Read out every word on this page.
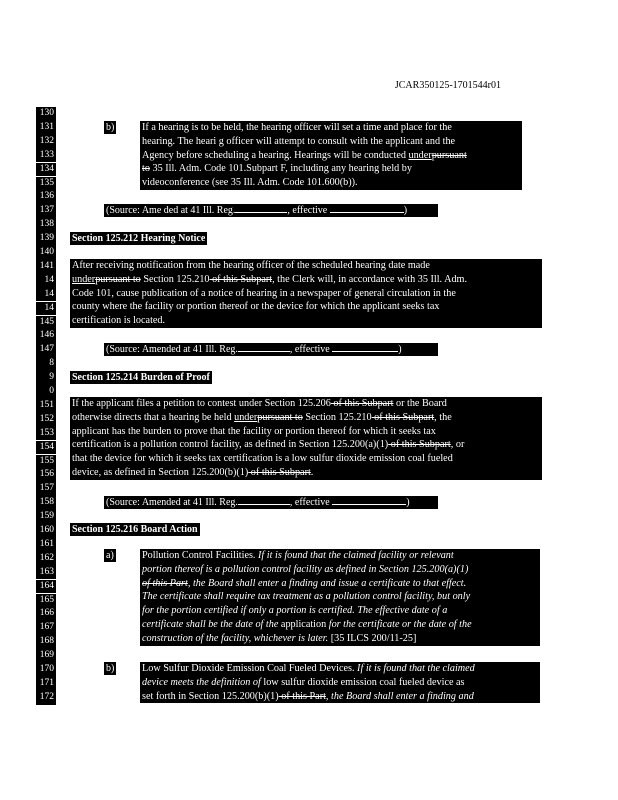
JCAR350125-1701544r01
130
131
132
133
134
135
136
137
138
139
140
141
14
14
14
145
146
147
8
9
0
151
152
153
154
155
156
157
158
159
160
161
162
163
164
165
166
167
168
169
170
171
172
b)	If a hearing is to be held, the hearing officer will set a time and place for the
hearing. The heari g officer will attempt to consult with the applicant and the
Agency before scheduling a hearing. Hearings will be conducted underpursuant
to 35 Ill. Adm. Code 101.Subpart F, including any hearing held by
videoconference (see 35 Ill. Adm. Code 101.600(b)).
(Source: Ame ded at 41 Ill. Reg.	, effective	)
Section 125.212 Hearing Notice
After receiving notification from the hearing officer of the scheduled hearing date made
underpursuant to Section 125.210 of this Subpart, the Clerk will, in accordance with 35 Ill. Adm.
Code 101, cause publication of a notice of hearing in a newspaper of general circulation in the
county where the facility or portion thereof or the device for which the applicant seeks tax
certification is located.
(Source: Amended at 41 Ill. Reg.	, effective	)
Section 125.214 Burden of Proof
If the applicant files a petition to contest under Section 125.206 of this Subpart or the Board
otherwise directs that a hearing be held underpursuant to Section 125.210 of this Subpart, the
applicant has the burden to prove that the facility or portion thereof for which it seeks tax
certification is a pollution control facility, as defined in Section 125.200(a)(1) of this Subpart, or
that the device for which it seeks tax certification is a low sulfur dioxide emission coal fueled
device, as defined in Section 125.200(b)(1) of this Subpart.
(Source: Amended at 41 Ill. Reg.	, effective	)
Section 125.216 Board Action
a)	Pollution Control Facilities. If it is found that the claimed facility or relevant
portion thereof is a pollution control facility as defined in Section 125.200(a)(1)
of this Part, the Board shall enter a finding and issue a certificate to that effect.
The certificate shall require tax treatment as a pollution control facility, but only
for the portion certified if only a portion is certified. The effective date of a
certificate shall be the date of the application for the certificate or the date of the
construction of the facility, whichever is later. [35 ILCS 200/11-25]
b)	Low Sulfur Dioxide Emission Coal Fueled Devices. If it is found that the claimed
device meets the definition of low sulfur dioxide emission coal fueled device as
set forth in Section 125.200(b)(1) of this Part, the Board shall enter a finding and
